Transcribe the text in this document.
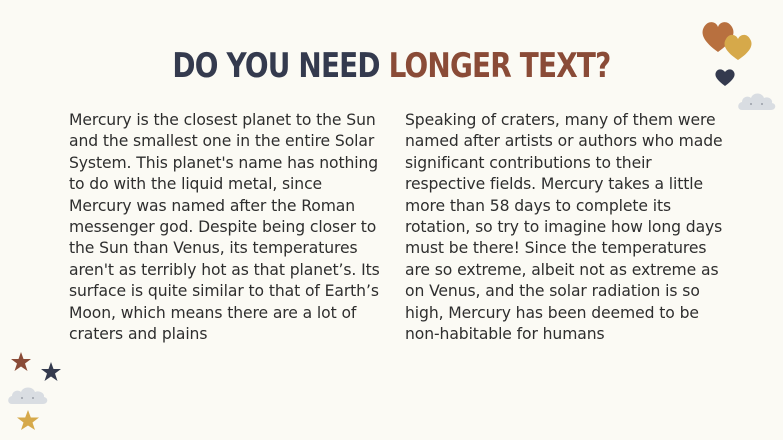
DO YOU NEED LONGER TEXT?
Mercury is the closest planet to the Sun and the smallest one in the entire Solar System. This planet's name has nothing to do with the liquid metal, since Mercury was named after the Roman messenger god. Despite being closer to the Sun than Venus, its temperatures aren't as terribly hot as that planet’s. Its surface is quite similar to that of Earth’s Moon, which means there are a lot of craters and plains
Speaking of craters, many of them were named after artists or authors who made significant contributions to their respective fields. Mercury takes a little more than 58 days to complete its rotation, so try to imagine how long days must be there! Since the temperatures are so extreme, albeit not as extreme as on Venus, and the solar radiation is so high, Mercury has been deemed to be non-habitable for humans
